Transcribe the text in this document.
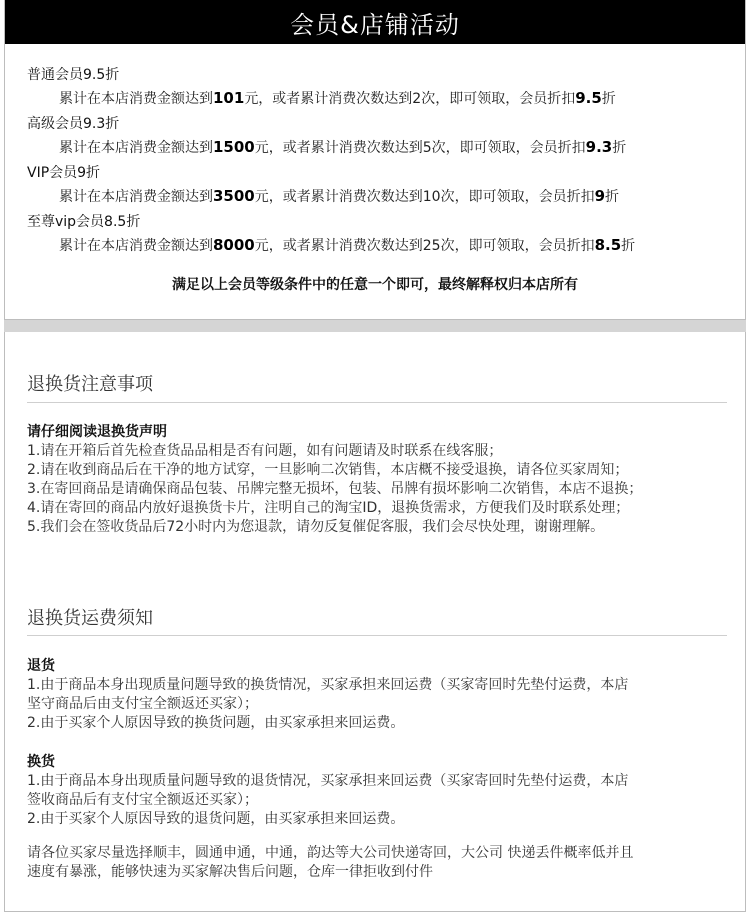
会员&店铺活动
普通会员9.5折
累计在本店消费金额达到101元，或者累计消费次数达到2次，即可领取，会员折扣9.5折
高级会员9.3折
累计在本店消费金额达到1500元，或者累计消费次数达到5次，即可领取，会员折扣9.3折
VIP会员9折
累计在本店消费金额达到3500元，或者累计消费次数达到10次，即可领取，会员折扣9折
至尊vip会员8.5折
累计在本店消费金额达到8000元，或者累计消费次数达到25次，即可领取，会员折扣8.5折
满足以上会员等级条件中的任意一个即可，最终解释权归本店所有
退换货注意事项
请仔细阅读退换货声明
1.请在开箱后首先检查货品品相是否有问题，如有问题请及时联系在线客服；
2.请在收到商品后在干净的地方试穿，一旦影响二次销售，本店概不接受退换，请各位买家周知；
3.在寄回商品是请确保商品包装、吊牌完整无损坏，包装、吊牌有损坏影响二次销售，本店不退换；
4.请在寄回的商品内放好退换货卡片，注明自己的淘宝ID，退换货需求，方便我们及时联系处理；
5.我们会在签收货品后72小时内为您退款，请勿反复催促客服，我们会尽快处理，谢谢理解。
退换货运费须知
退货
1.由于商品本身出现质量问题导致的换货情况，买家承担来回运费（买家寄回时先垫付运费，本店
坚守商品后由支付宝全额返还买家）；
2.由于买家个人原因导致的换货问题，由买家承担来回运费。
换货
1.由于商品本身出现质量问题导致的退货情况，买家承担来回运费（买家寄回时先垫付运费，本店
签收商品后有支付宝全额返还买家）；
2.由于买家个人原因导致的退货问题，由买家承担来回运费。
请各位买家尽量选择顺丰，圆通申通，中通，韵达等大公司快递寄回，大公司 快递丢件概率低并且
速度有暴涨，能够快速为买家解决售后问题，仓库一律拒收到付件
